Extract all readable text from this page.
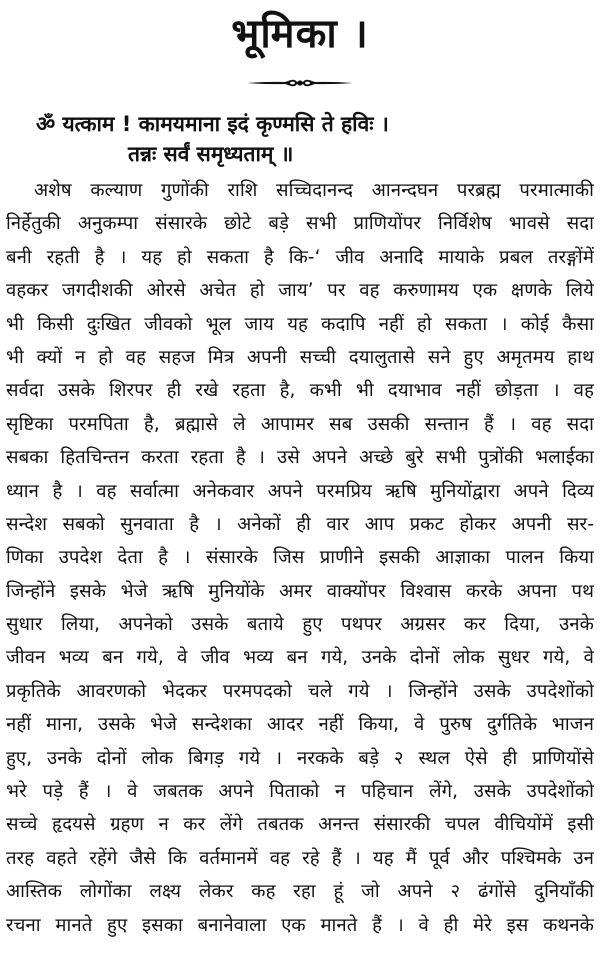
भूमिका ।
ॐ यत्काम ! कामयमाना इदं कृण्मसि ते हविः ।
तन्नः सर्वं समृध्यताम् ॥
अशेष कल्याण गुणोंकी राशि सच्चिदानन्द आनन्दघन परब्रह्म परमात्माकी
निर्हेतुकी अनुकम्पा संसारके छोटे बड़े सभी प्राणियोंपर निर्विशेष भावसे सदा
बनी रहती है । यह हो सकता है कि-‘ जीव अनादि मायाके प्रबल तरङ्गोंमें
वहकर जगदीशकी ओरसे अचेत हो जाय’ पर वह करुणामय एक क्षणके लिये
भी किसी दुःखित जीवको भूल जाय यह कदापि नहीं हो सकता । कोई कैसा
भी क्यों न हो वह सहज मित्र अपनी सच्ची दयालुतासे सने हुए अमृतमय हाथ
सर्वदा उसके शिरपर ही रखे रहता है, कभी भी दयाभाव नहीं छोड़ता । वह
सृष्टिका परमपिता है, ब्रह्मासे ले आपामर सब उसकी सन्तान हैं । वह सदा
सबका हितचिन्तन करता रहता है । उसे अपने अच्छे बुरे सभी पुत्रोंकी भलाईका
ध्यान है । वह सर्वात्मा अनेकवार अपने परमप्रिय ऋषि मुनियोंद्वारा अपने दिव्य
सन्देश सबको सुनवाता है । अनेकों ही वार आप प्रकट होकर अपनी सर-
णिका उपदेश देता है । संसारके जिस प्राणीने इसकी आज्ञाका पालन किया
जिन्होंने इसके भेजे ऋषि मुनियोंके अमर वाक्योंपर विश्वास करके अपना पथ
सुधार लिया, अपनेको उसके बताये हुए पथपर अग्रसर कर दिया, उनके
जीवन भव्य बन गये, वे जीव भव्य बन गये, उनके दोनों लोक सुधर गये, वे
प्रकृतिके आवरणको भेदकर परमपदको चले गये । जिन्होंने उसके उपदेशोंको
नहीं माना, उसके भेजे सन्देशका आदर नहीं किया, वे पुरुष दुर्गतिके भाजन
हुए, उनके दोनों लोक बिगड़ गये । नरकके बड़े २ स्थल ऐसे ही प्राणियोंसे
भरे पड़े हैं । वे जबतक अपने पिताको न पहिचान लेंगे, उसके उपदेशोंको
सच्चे हृदयसे ग्रहण न कर लेंगे तबतक अनन्त संसारकी चपल वीचियोंमें इसी
तरह वहते रहेंगे जैसे कि वर्तमानमें वह रहे हैं । यह मैं पूर्व और पश्चिमके उन
आस्तिक लोगोंका लक्ष्य लेकर कह रहा हूं जो अपने २ ढंगोंसे दुनियाँकी
रचना मानते हुए इसका बनानेवाला एक मानते हैं । वे ही मेरे इस कथनके
